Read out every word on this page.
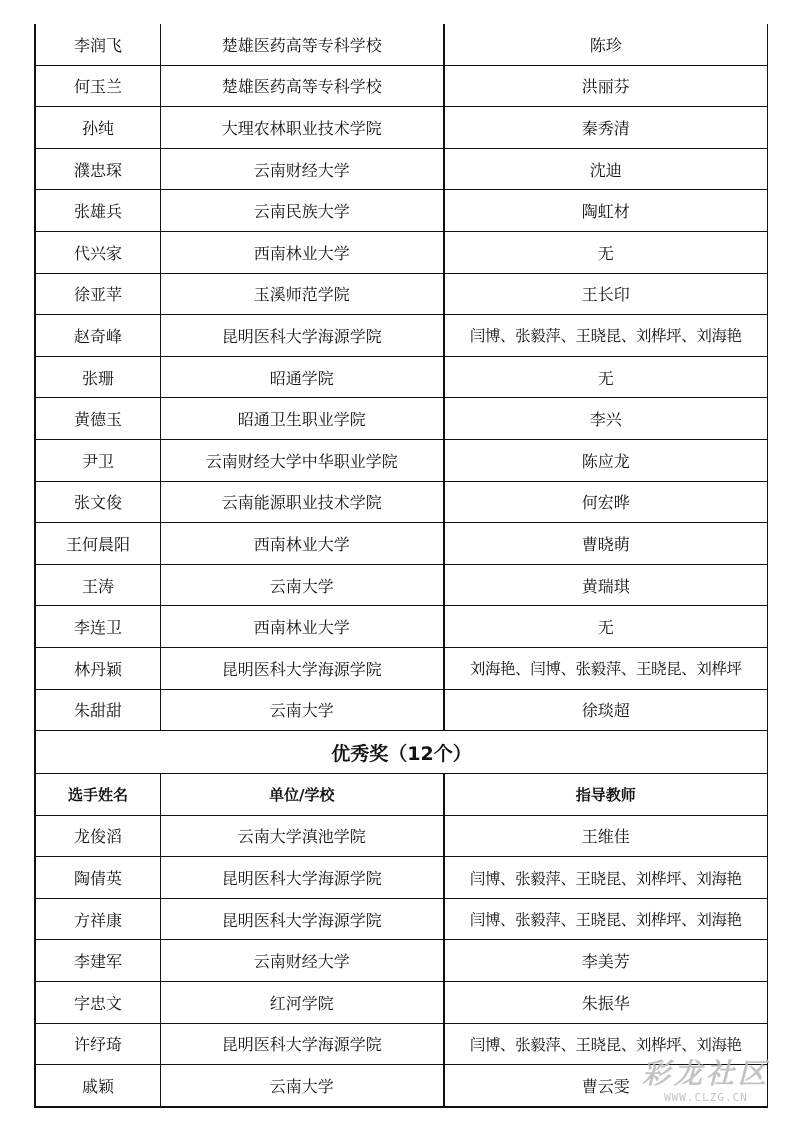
李润飞	楚雄医药高等专科学校	陈珍
何玉兰	楚雄医药高等专科学校	洪丽芬
孙纯	大理农林职业技术学院	秦秀清
濮忠琛	云南财经大学	沈迪
张雄兵	云南民族大学	陶虹材
代兴家	西南林业大学	无
徐亚苹	玉溪师范学院	王长印
赵奇峰	昆明医科大学海源学院	闫博、张毅萍、王晓昆、刘桦坪、刘海艳
张珊	昭通学院	无
黄德玉	昭通卫生职业学院	李兴
尹卫	云南财经大学中华职业学院	陈应龙
张文俊	云南能源职业技术学院	何宏晔
王何晨阳	西南林业大学	曹晓萌
王涛	云南大学	黄瑞琪
李连卫	西南林业大学	无
林丹颖	昆明医科大学海源学院	刘海艳、闫博、张毅萍、王晓昆、刘桦坪
朱甜甜	云南大学	徐琰超
优秀奖（12个）		
选手姓名	单位/学校	指导教师
龙俊滔	云南大学滇池学院	王维佳
陶倩英	昆明医科大学海源学院	闫博、张毅萍、王晓昆、刘桦坪、刘海艳
方祥康	昆明医科大学海源学院	闫博、张毅萍、王晓昆、刘桦坪、刘海艳
李建军	云南财经大学	李美芳
字忠文	红河学院	朱振华
许纾琦	昆明医科大学海源学院	闫博、张毅萍、王晓昆、刘桦坪、刘海艳
戚颖	云南大学	曹云雯 彩龙社区
WWW.CLZG.CN
